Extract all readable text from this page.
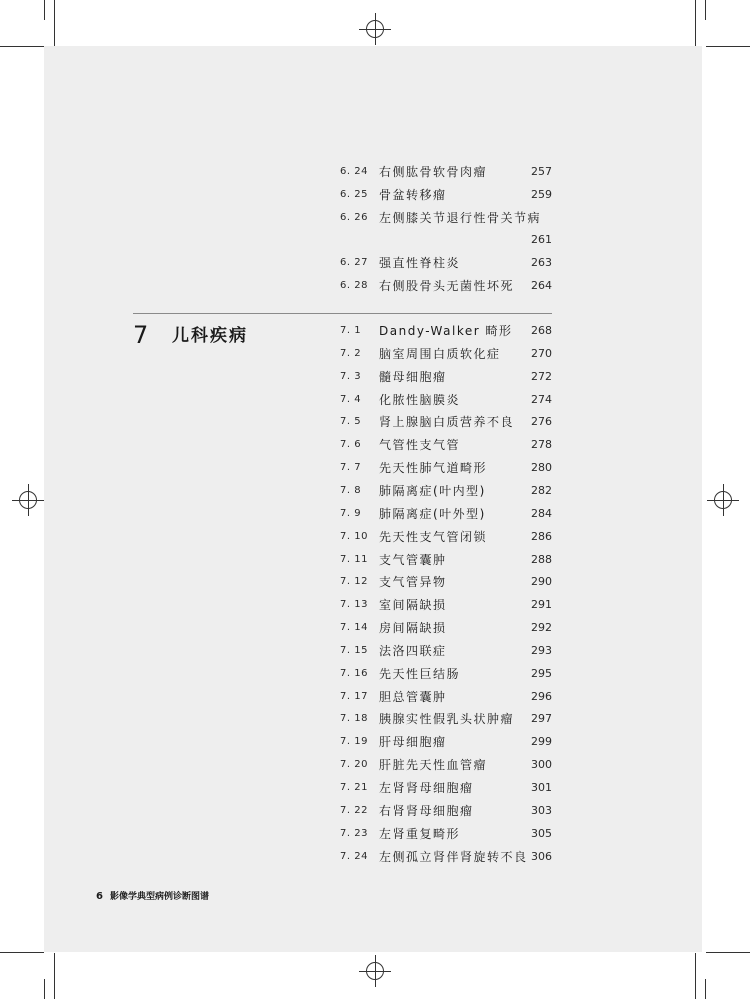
6. 24 右侧肱骨软骨肉瘤	257
6. 25 骨盆转移瘤	259
6. 26 左侧膝关节退行性骨关节病
261
6. 27 强直性脊柱炎	263
6. 28 右侧股骨头无菌性坏死 264
7 儿科疾病	7. 1 Dandy-Walker 畸形 268
7. 2 脑室周围白质软化症	270
7. 3 髓母细胞瘤	272
7. 4 化脓性脑膜炎	274
7. 5 肾上腺脑白质营养不良 276
7. 6 气管性支气管	278
7. 7 先天性肺气道畸形	280
7. 8 肺隔离症(叶内型)	282
7. 9 肺隔离症(叶外型)	284
7. 10 先天性支气管闭锁	286
7. 11 支气管囊肿	288
7. 12 支气管异物	290
7. 13 室间隔缺损	291
7. 14 房间隔缺损	292
7. 15 法洛四联症	293
7. 16 先天性巨结肠	295
7. 17 胆总管囊肿	296
7. 18 胰腺实性假乳头状肿瘤 297
7. 19 肝母细胞瘤	299
7. 20 肝脏先天性血管瘤	300
7. 21 左肾肾母细胞瘤	301
7. 22 右肾肾母细胞瘤	303
7. 23 左肾重复畸形	305
7. 24 左侧孤立肾伴肾旋转不良 306
6 影像学典型病例诊断图谱
